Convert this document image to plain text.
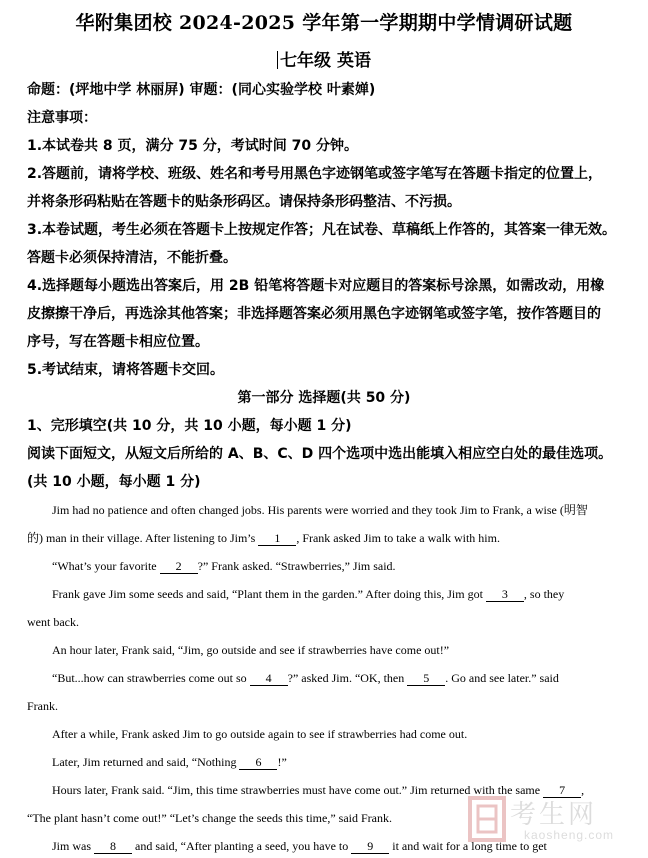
华附集团校 2024-2025 学年第一学期期中学情调研试题
七年级 英语
命题：(坪地中学 林丽屏) 审题：(同心实验学校 叶素婵)
注意事项：
1.本试卷共 8 页，满分 75 分，考试时间 70 分钟。
2.答题前，请将学校、班级、姓名和考号用黑色字迹钢笔或签字笔写在答题卡指定的位置上，
并将条形码粘贴在答题卡的贴条形码区。请保持条形码整洁、不污损。
3.本卷试题，考生必须在答题卡上按规定作答；凡在试卷、草稿纸上作答的，其答案一律无效。
答题卡必须保持清洁，不能折叠。
4.选择题每小题选出答案后，用 2B 铅笔将答题卡对应题目的答案标号涂黑，如需改动，用橡
皮擦擦干净后，再选涂其他答案；非选择题答案必须用黑色字迹钢笔或签字笔，按作答题目的
序号，写在答题卡相应位置。
5.考试结束，请将答题卡交回。
第一部分 选择题(共 50 分)
1、完形填空(共 10 分，共 10 小题，每小题 1 分)
阅读下面短文，从短文后所给的 A、B、C、D 四个选项中选出能填入相应空白处的最佳选项。
(共 10 小题，每小题 1 分)
Jim had no patience and often changed jobs. His parents were worried and they took Jim to Frank, a wise (明智
的) man in their village. After listening to Jim’s 1 , Frank asked Jim to take a walk with him.
“What’s your favorite 2 ?” Frank asked. “Strawberries,” Jim said.
Frank gave Jim some seeds and said, “Plant them in the garden.” After doing this, Jim got 3 , so they
went back.
An hour later, Frank said, “Jim, go outside and see if strawberries have come out!”
“But...how can strawberries come out so 4 ?” asked Jim. “OK, then 5 . Go and see later.” said
Frank.
After a while, Frank asked Jim to go outside again to see if strawberries had come out.
Later, Jim returned and said, “Nothing 6 !”
Hours later, Frank said. “Jim, this time strawberries must have come out.” Jim returned with the same 7 ,
“The plant hasn’t come out!” “Let’s change the seeds this time,” said Frank.
Jim was 8 and said, “After planting a seed, you have to 9 it and wait for a long time to get
考生网
kaosheng.com
